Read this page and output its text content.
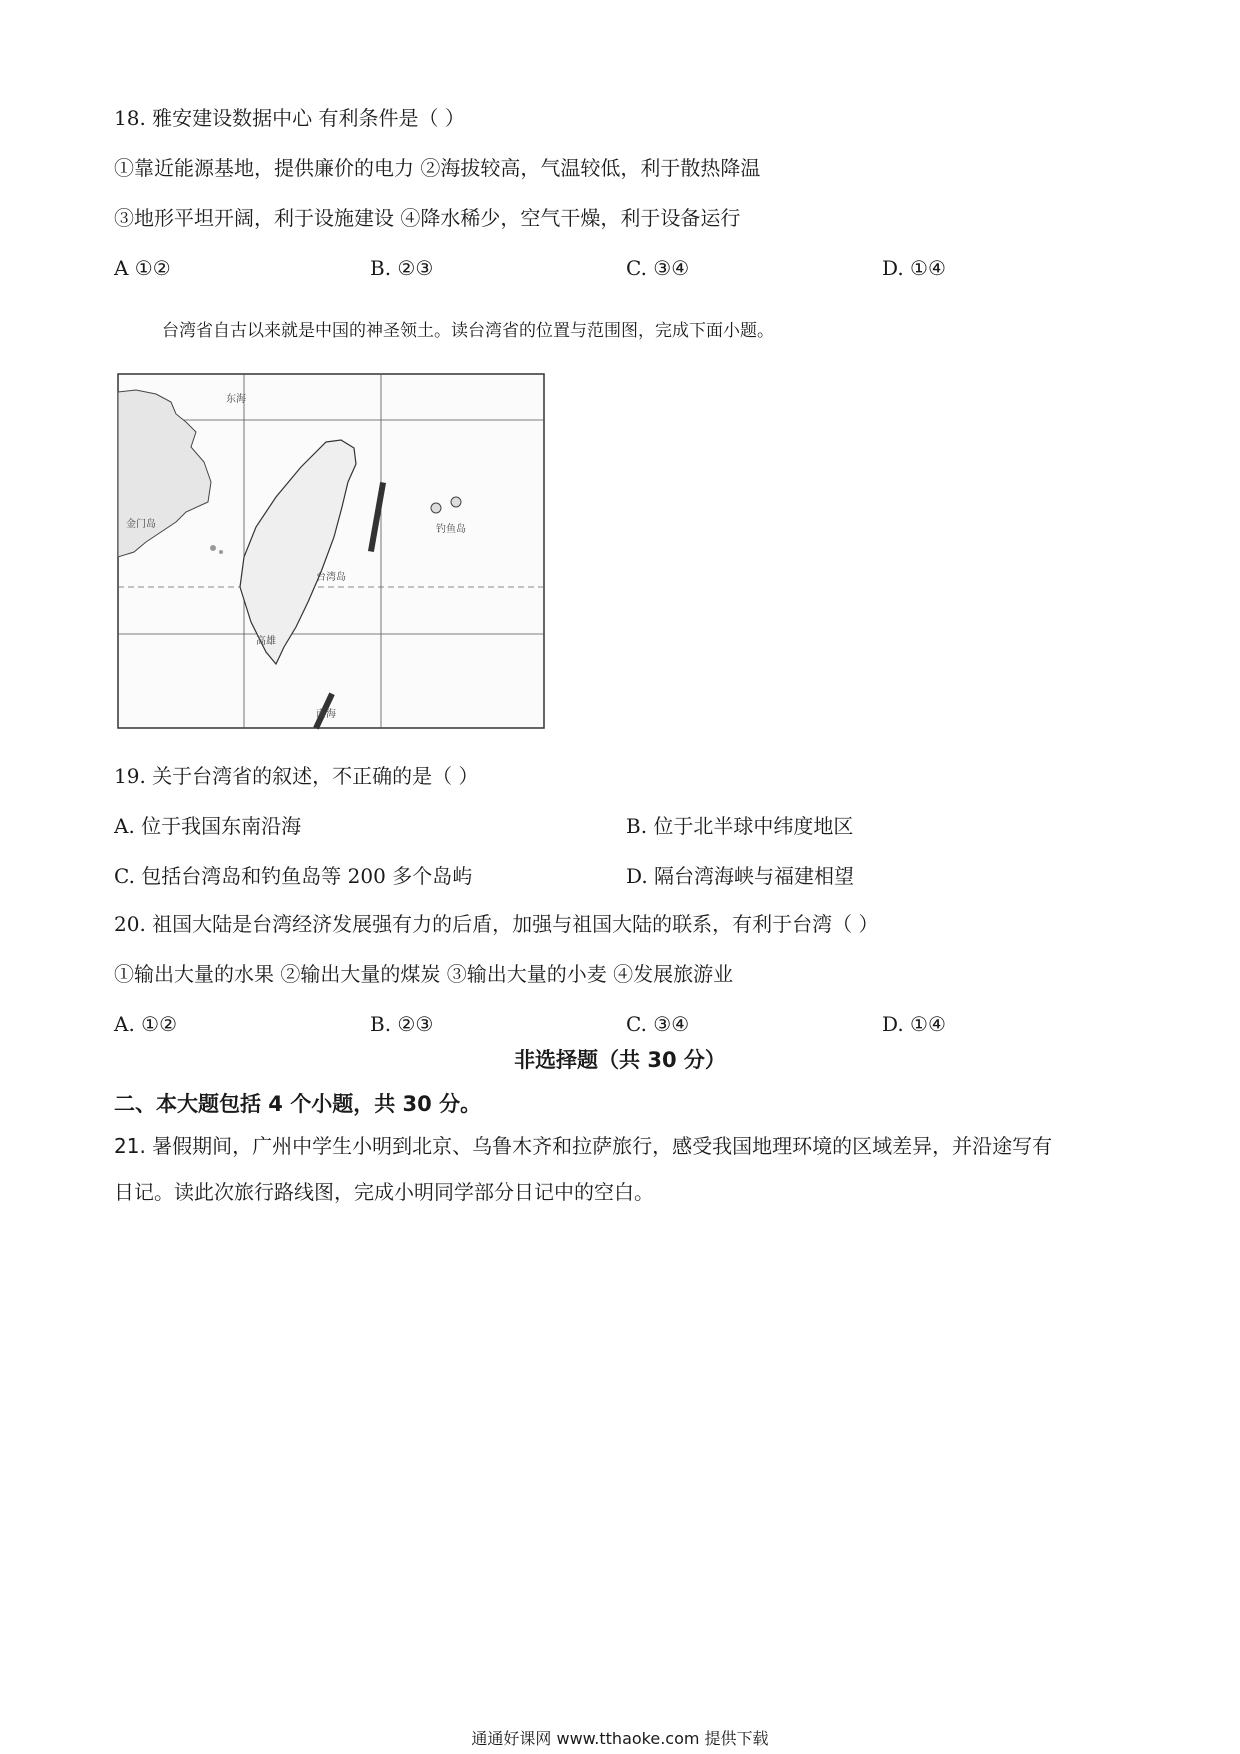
18. 雅安建设数据中心 有利条件是（ ）
①靠近能源基地，提供廉价的电力 ②海拔较高，气温较低，利于散热降温
③地形平坦开阔，利于设施建设 ④降水稀少，空气干燥，利于设备运行
A ①②	B. ②③	C. ③④	D. ①④
台湾省自古以来就是中国的神圣领土。读台湾省的位置与范围图，完成下面小题。
台湾岛
高雄
东海
南海
金门岛	钓鱼岛
19. 关于台湾省的叙述，不正确的是（ ）
A. 位于我国东南沿海	B. 位于北半球中纬度地区
C. 包括台湾岛和钓鱼岛等 200 多个岛屿	D. 隔台湾海峡与福建相望
20. 祖国大陆是台湾经济发展强有力的后盾，加强与祖国大陆的联系，有利于台湾（ ）
①输出大量的水果 ②输出大量的煤炭 ③输出大量的小麦 ④发展旅游业
A. ①②	B. ②③	C. ③④	D. ①④
非选择题（共 30 分）
二、本大题包括 4 个小题，共 30 分。
21. 暑假期间，广州中学生小明到北京、乌鲁木齐和拉萨旅行，感受我国地理环境的区域差异，并沿途写有
日记。读此次旅行路线图，完成小明同学部分日记中的空白。
通通好课网 www.tthaoke.com 提供下载
